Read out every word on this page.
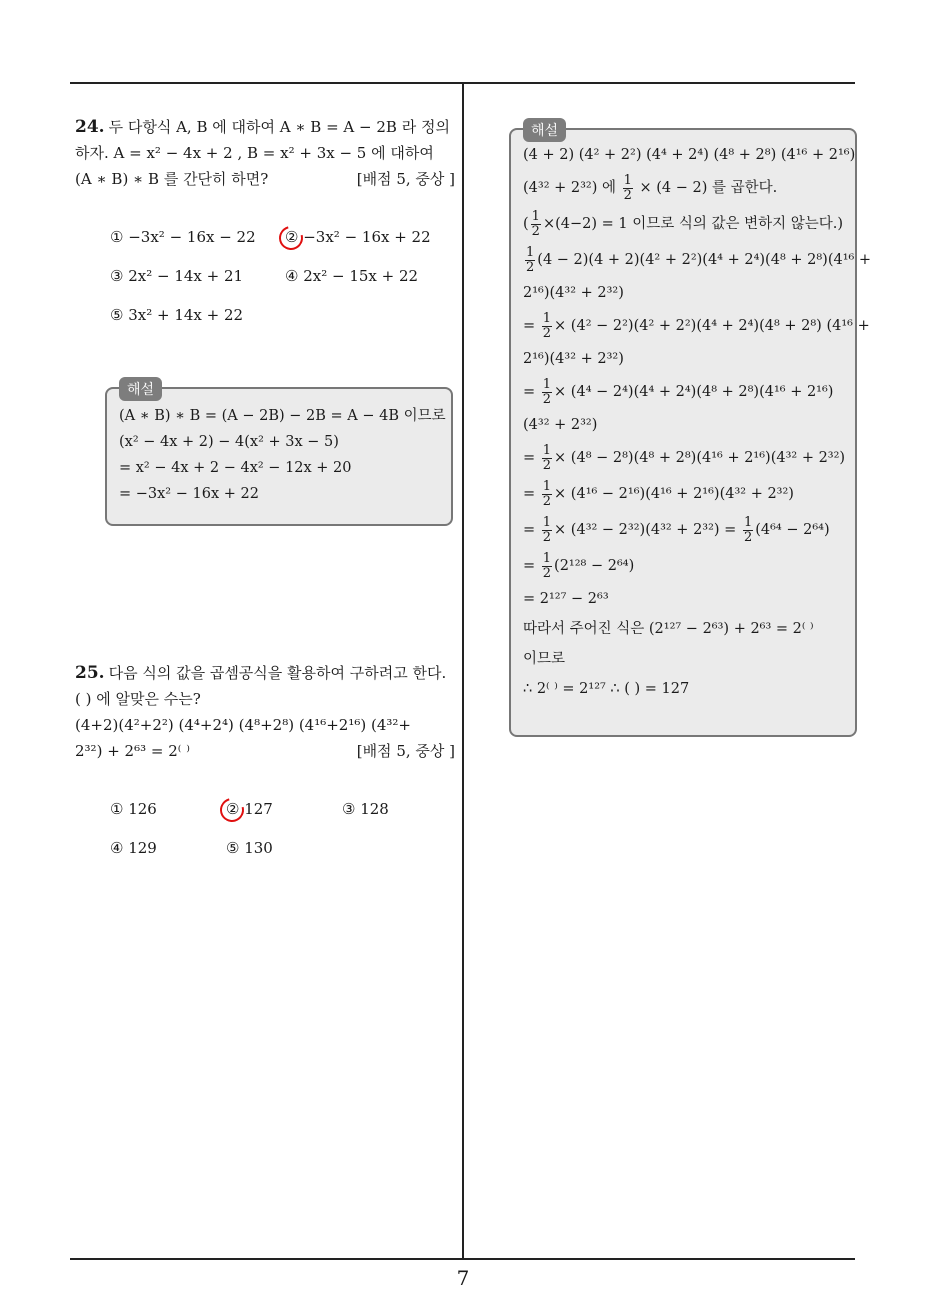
7

24. 두 다항식 A, B 에 대하여 A ∗ B = A − 2B 라 정의

하자. A = x² − 4x + 2 , B = x² + 3x − 5 에 대하여

(A ∗ B) ∗ B 를 간단히 하면?	[배점 5, 중상 ]

① −3x² − 16x − 22 ② −3x² − 16x + 22
③ 2x² − 14x + 21	④ 2x² − 15x + 22
⑤ 3x² + 14x + 22
해설
(A ∗ B) ∗ B = (A − 2B) − 2B = A − 4B 이므로
(x² − 4x + 2) − 4(x² + 3x − 5)
= x² − 4x + 2 − 4x² − 12x + 20
= −3x² − 16x + 22

25. 다음 식의 값을 곱셈공식을 활용하여 구하려고 한다.

( ) 에 알맞은 수는?

(4+2)(4²+2²) (4⁴+2⁴) (4⁸+2⁸) (4¹⁶+2¹⁶) (4³²+

2³²) + 2⁶³ = 2⁽ ⁾	[배점 5, 중상 ]

① 126	② 127	③ 128
④ 129	⑤ 130
해설
(4 + 2) (4² + 2²) (4⁴ + 2⁴) (4⁸ + 2⁸) (4¹⁶ + 2¹⁶)
(4³² + 2³²) 에 $\frac{1}{2} \times (4 - 2)$ 를 곱한다.
( $\frac{1}{2} \times(4-2) = 1$ 이므로 식의 값은 변하지 않는다.)
$\frac{1}{2} (4 - 2)(4 + 2)(4^2 + 2^2)(4^4 + 2^4)(4^8 + 2^8)(4^{16}$ +
2¹⁶)(4³² + 2³²)
= $\frac{1}{2} \times (4^2 - 2^2)(4^2 + 2^2)(4^4 + 2^4)(4^8 + 2^8) (4^{16}$ +
2¹⁶)(4³² + 2³²)
= $\frac{1}{2} \times (4^4 - 2^4)(4^4 + 2^4)(4^8 + 2^8)(4^{16} + 2^{16})$
(4³² + 2³²)
= $\frac{1}{2} \times (4^8 - 2^8)(4^8 + 2^8)(4^{16} + 2^{16})(4^{32} + 2^{32})$
= $\frac{1}{2} \times (4^{16} - 2^{16})(4^{16} + 2^{16})(4^{32} + 2^{32})$
= $\frac{1}{2} \times (4^{32} - 2^{32})(4^{32} + 2^{32}) = \frac{1}{2} (4^{64} - 2^{64})$
= $\frac{1}{2} (2^{128} - 2^{64})$
= 2¹²⁷ − 2⁶³
따라서 주어진 식은 (2¹²⁷ − 2⁶³) + 2⁶³ = 2⁽ ⁾
이므로
∴ 2⁽ ⁾ = 2¹²⁷ ∴ ( ) = 127
